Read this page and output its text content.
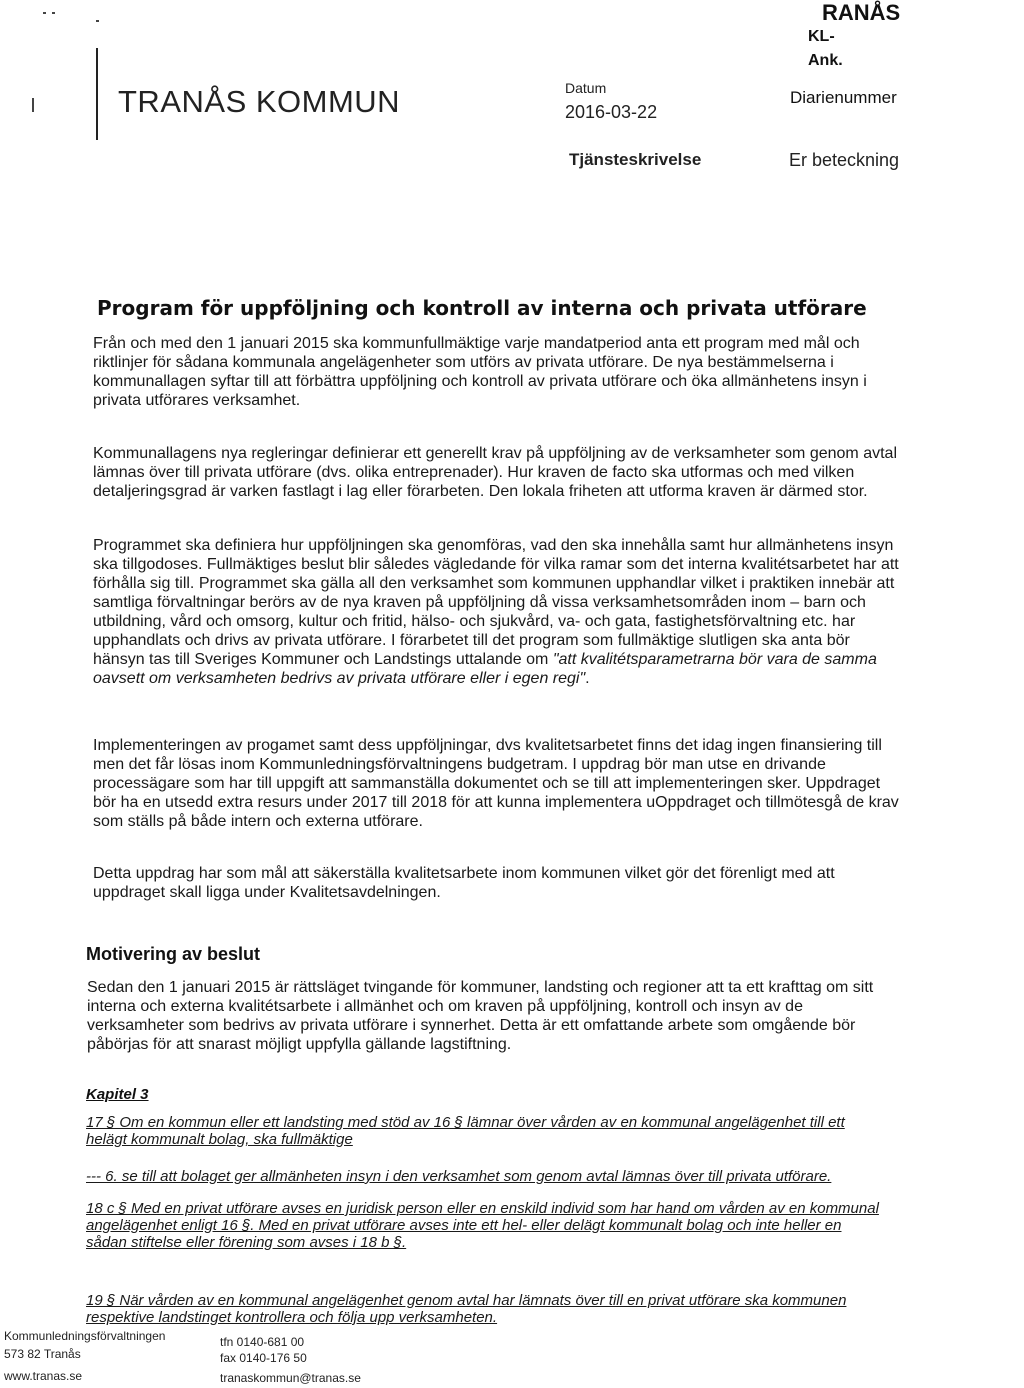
TRANÅS KOMMUN	Datum
2016-03-22
RANÅS
KL-
Ank.
Diarienummer
Tjänsteskrivelse	Er beteckning
Program för uppföljning och kontroll av interna och privata utförare

Från och med den 1 januari 2015 ska kommunfullmäktige varje mandatperiod anta ett program med mål och riktlinjer för sådana kommunala angelägenheter som utförs av privata utförare. De nya bestämmelserna i kommunallagen syftar till att förbättra uppföljning och kontroll av privata utförare och öka allmänhetens insyn i privata utförares verksamhet.

Kommunallagens nya regleringar definierar ett generellt krav på uppföljning av de verksamheter som genom avtal lämnas över till privata utförare (dvs. olika entreprenader). Hur kraven de facto ska utformas och med vilken detaljeringsgrad är varken fastlagt i lag eller förarbeten. Den lokala friheten att utforma kraven är därmed stor.

Programmet ska definiera hur uppföljningen ska genomföras, vad den ska innehålla samt hur allmänhetens insyn ska tillgodoses. Fullmäktiges beslut blir således vägledande för vilka ramar som det interna kvalitétsarbetet har att förhålla sig till. Programmet ska gälla all den verksamhet som kommunen upphandlar vilket i praktiken innebär att samtliga förvaltningar berörs av de nya kraven på uppföljning då vissa verksamhetsområden inom – barn och utbildning, vård och omsorg, kultur och fritid, hälso- och sjukvård, va- och gata, fastighetsförvaltning etc. har upphandlats och drivs av privata utförare. I förarbetet till det program som fullmäktige slutligen ska anta bör hänsyn tas till Sveriges Kommuner och Landstings uttalande om "att kvalitétsparametrarna bör vara de samma oavsett om verksamheten bedrivs av privata utförare eller i egen regi".

Implementeringen av progamet samt dess uppföljningar, dvs kvalitetsarbetet finns det idag ingen finansiering till men det får lösas inom Kommunledningsförvaltningens budgetram. I uppdrag bör man utse en drivande processägare som har till uppgift att sammanställa dokumentet och se till att implementeringen sker. Uppdraget bör ha en utsedd extra resurs under 2017 till 2018 för att kunna implementera uOppdraget och tillmötesgå de krav som ställs på både intern och externa utförare.

Detta uppdrag har som mål att säkerställa kvalitetsarbete inom kommunen vilket gör det förenligt med att uppdraget skall ligga under Kvalitetsavdelningen.

Motivering av beslut

Sedan den 1 januari 2015 är rättsläget tvingande för kommuner, landsting och regioner att ta ett krafttag om sitt interna och externa kvalitétsarbete i allmänhet och om kraven på uppföljning, kontroll och insyn av de verksamheter som bedrivs av privata utförare i synnerhet. Detta är ett omfattande arbete som omgående bör påbörjas för att snarast möjligt uppfylla gällande lagstiftning.

Kapitel 3

17 § Om en kommun eller ett landsting med stöd av 16 § lämnar över vården av en kommunal angelägenhet till ett helägt kommunalt bolag, ska fullmäktige

--- 6. se till att bolaget ger allmänheten insyn i den verksamhet som genom avtal lämnas över till privata utförare.

18 c § Med en privat utförare avses en juridisk person eller en enskild individ som har hand om vården av en kommunal angelägenhet enligt 16 §. Med en privat utförare avses inte ett hel- eller delägt kommunalt bolag och inte heller en sådan stiftelse eller förening som avses i 18 b §.

19 § När vården av en kommunal angelägenhet genom avtal har lämnats över till en privat utförare ska kommunen respektive landstinget kontrollera och följa upp verksamheten.

Kommunledningsförvaltningen
573 82 Tranås
www.tranas.se
tfn 0140-681 00
fax 0140-176 50
tranaskommun@tranas.se
